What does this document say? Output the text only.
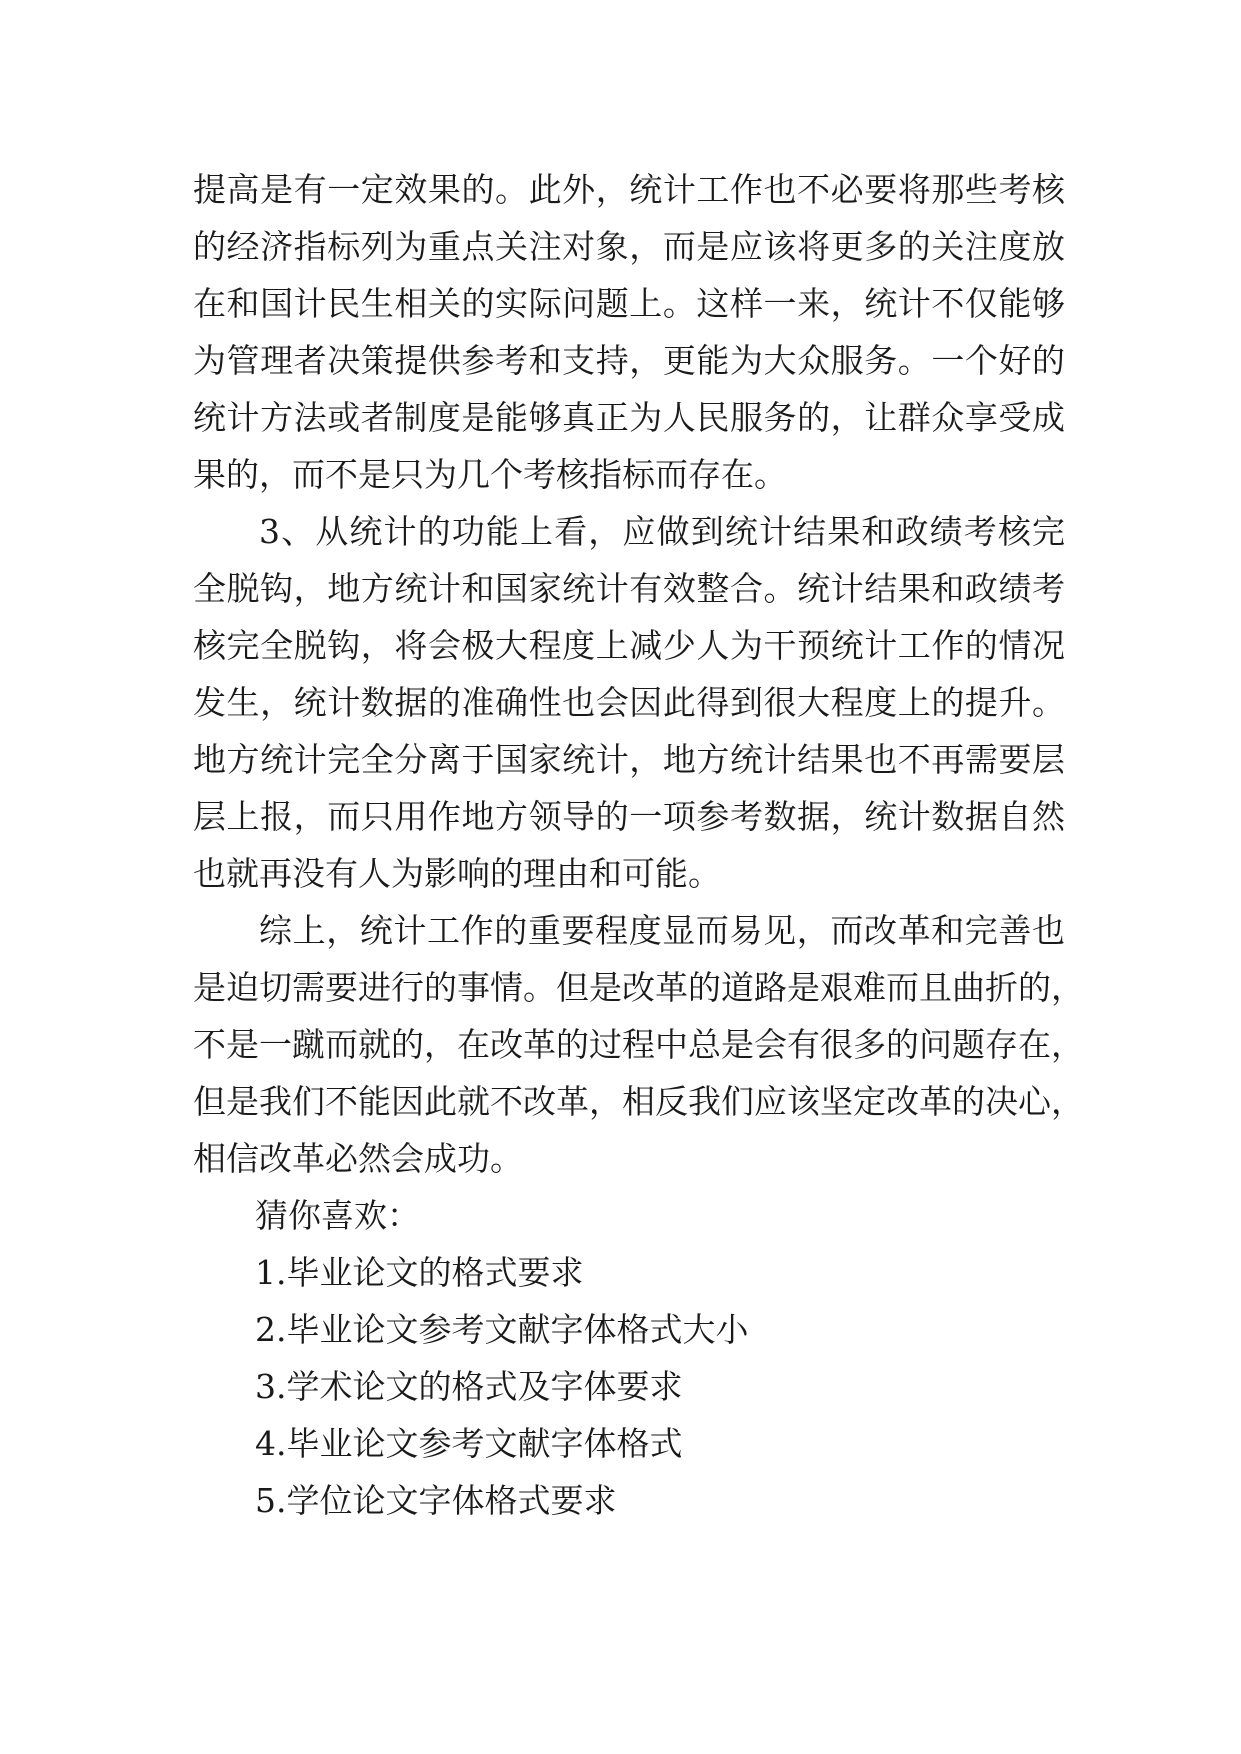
提高是有一定效果的。此外，统计工作也不必要将那些考核
的经济指标列为重点关注对象，而是应该将更多的关注度放
在和国计民生相关的实际问题上。这样一来，统计不仅能够
为管理者决策提供参考和支持，更能为大众服务。一个好的
统计方法或者制度是能够真正为人民服务的，让群众享受成
果的，而不是只为几个考核指标而存在。
3、从统计的功能上看，应做到统计结果和政绩考核完
全脱钩，地方统计和国家统计有效整合。统计结果和政绩考
核完全脱钩，将会极大程度上减少人为干预统计工作的情况
发生，统计数据的准确性也会因此得到很大程度上的提升。
地方统计完全分离于国家统计，地方统计结果也不再需要层
层上报，而只用作地方领导的一项参考数据，统计数据自然
也就再没有人为影响的理由和可能。
综上，统计工作的重要程度显而易见，而改革和完善也
是迫切需要进行的事情。但是改革的道路是艰难而且曲折的，
不是一蹴而就的，在改革的过程中总是会有很多的问题存在，
但是我们不能因此就不改革，相反我们应该坚定改革的决心，
相信改革必然会成功。
猜你喜欢：
1.毕业论文的格式要求
2.毕业论文参考文献字体格式大小
3.学术论文的格式及字体要求
4.毕业论文参考文献字体格式
5.学位论文字体格式要求
